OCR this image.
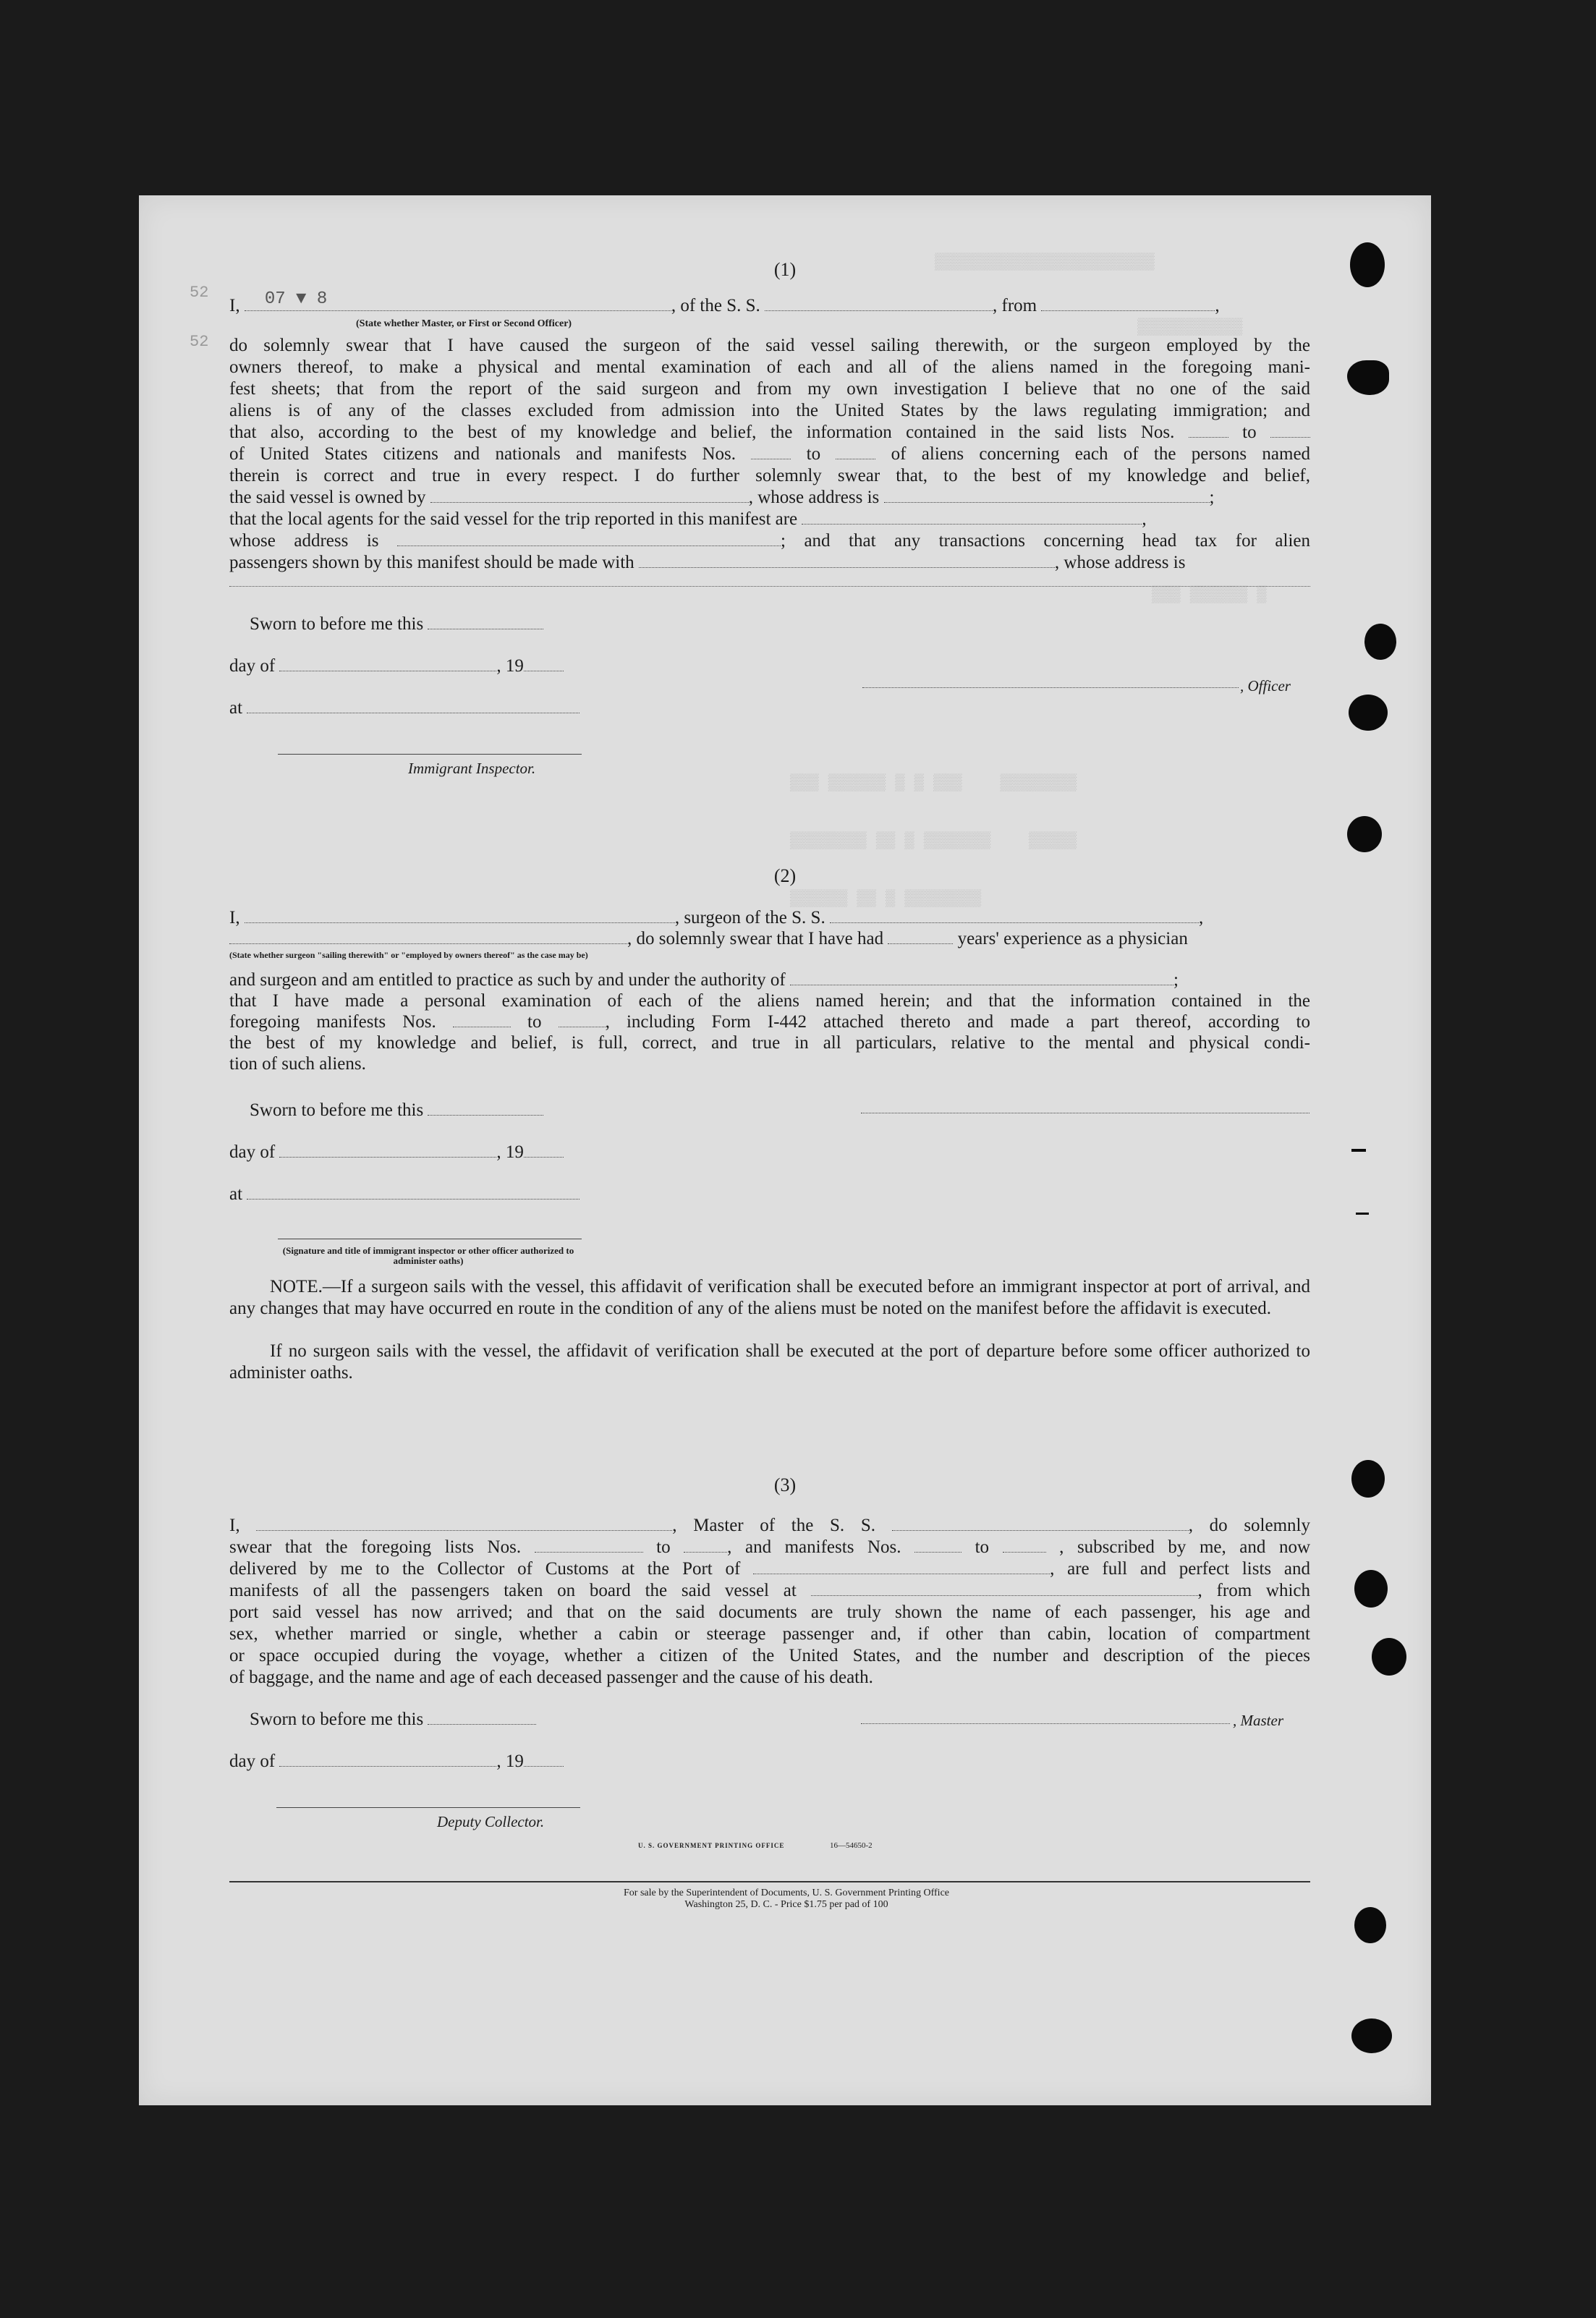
▒▒▒▒▒▒▒▒▒▒▒▒▒▒▒▒▒▒▒▒▒▒▒
▒▒▒▒▒▒▒▒▒▒▒
▒▒▒ ▒▒▒▒▒▒ ▒
▒▒▒ ▒▒▒▒▒▒ ▒ ▒ ▒▒▒    ▒▒▒▒▒▒▒▒
▒▒▒▒▒▒▒▒ ▒▒ ▒ ▒▒▒▒▒▒▒    ▒▒▒▒▒
▒▒▒▒▒▒ ▒▒ ▒ ▒▒▒▒▒▒▒▒
52
52
(1)
I, 07 ▼ 8	, of the S. S.	, from	,
(State whether Master, or First or Second Officer)
do solemnly swear that I have caused the surgeon of the said vessel sailing therewith, or the surgeon employed by the
owners thereof, to make a physical and mental examination of each and all of the aliens named in the foregoing mani-
fest sheets; that from the report of the said surgeon and from my own investigation I believe that no one of the said
aliens is of any of the classes excluded from admission into the United States by the laws regulating immigration; and
that also, according to the best of my knowledge and belief, the information contained in the said lists Nos.	to
of United States citizens and nationals and manifests Nos.	to	of aliens concerning each of the persons named
therein is correct and true in every respect. I do further solemnly swear that, to the best of my knowledge and belief,
the said vessel is owned by	, whose address is	;
that the local agents for the said vessel for the trip reported in this manifest are	,
whose address is	; and that any transactions concerning head tax for alien
passengers shown by this manifest should be made with	, whose address is
Sworn to before me this
day of	, 19
at
, Officer
Immigrant Inspector.
(2)
I,	, surgeon of the S. S.	,
, do solemnly swear that I have had	years' experience as a physician
(State whether surgeon "sailing therewith" or "employed by owners thereof" as the case may be)
and surgeon and am entitled to practice as such by and under the authority of	;
that I have made a personal examination of each of the aliens named herein; and that the information contained in the
foregoing manifests Nos.	to	, including Form I-442 attached thereto and made a part thereof, according to
the best of my knowledge and belief, is full, correct, and true in all particulars, relative to the mental and physical condi-
tion of such aliens.
Sworn to before me this
day of	, 19
at
(Signature and title of immigrant inspector or other officer authorized to administer oaths)
NOTE.—If a surgeon sails with the vessel, this affidavit of verification shall be executed before an immigrant inspector at port of arrival, and any changes that may have occurred en route in the condition of any of the aliens must be noted on the manifest before the affidavit is executed.
If no surgeon sails with the vessel, the affidavit of verification shall be executed at the port of departure before some officer authorized to administer oaths.
(3)
I,	, Master of the S. S.	, do solemnly
swear that the foregoing lists Nos.	to	, and manifests Nos.	to	, subscribed by me, and now
delivered by me to the Collector of Customs at the Port of	, are full and perfect lists and
manifests of all the passengers taken on board the said vessel at	, from which
port said vessel has now arrived; and that on the said documents are truly shown the name of each passenger, his age and
sex, whether married or single, whether a cabin or steerage passenger and, if other than cabin, location of compartment
or space occupied during the voyage, whether a citizen of the United States, and the number and description of the pieces
of baggage, and the name and age of each deceased passenger and the cause of his death.
Sworn to before me this	, Master
day of	, 19
Deputy Collector.
U. S. GOVERNMENT PRINTING OFFICE	16—54650-2
For sale by the Superintendent of Documents, U. S. Government Printing Office
Washington 25, D. C. - Price $1.75 per pad of 100
